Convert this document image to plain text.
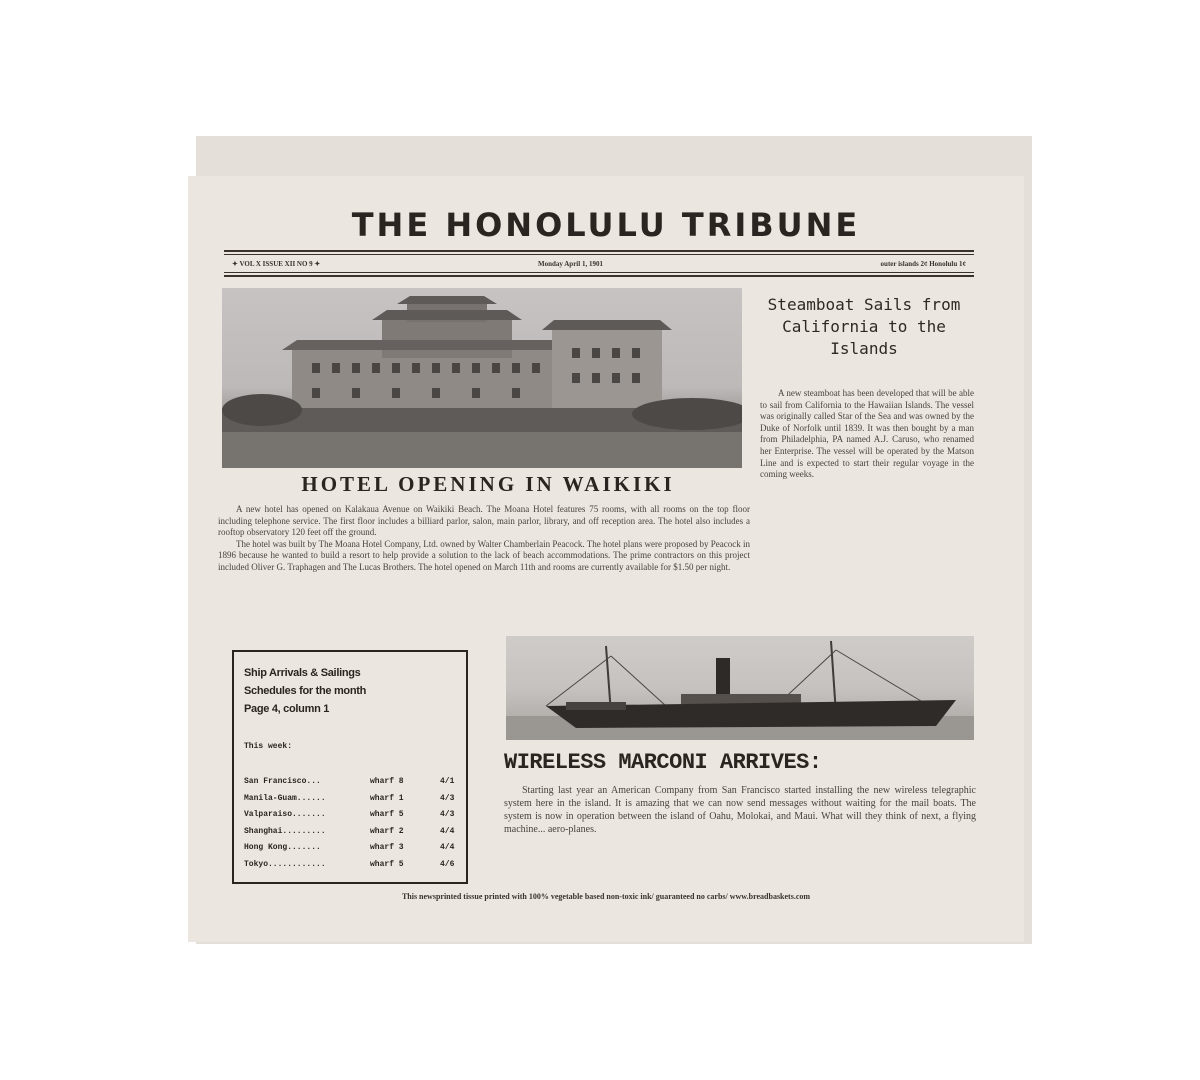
THE HONOLULU TRIBUNE
✦ VOL X ISSUE XII NO 9 ✦	Monday April 1, 1901	outer islands 2¢ Honolulu 1¢
HOTEL OPENING IN WAIKIKI

A new hotel has opened on Kalakaua Avenue on Waikiki Beach. The Moana Hotel features 75 rooms, with all rooms on the top floor including telephone service. The first floor includes a billiard parlor, salon, main parlor, library, and off reception area. The hotel also includes a rooftop observatory 120 feet off the ground.

The hotel was built by The Moana Hotel Company, Ltd. owned by Walter Chamberlain Peacock. The hotel plans were proposed by Peacock in 1896 because he wanted to build a resort to help provide a solution to the lack of beach accommodations. The prime contractors on this project included Oliver G. Traphagen and The Lucas Brothers. The hotel opened on March 11th and rooms are currently available for $1.50 per night.

Steamboat Sails from California to the Islands

A new steamboat has been developed that will be able to sail from California to the Hawaiian Islands. The vessel was originally called Star of the Sea and was owned by the Duke of Norfolk until 1839. It was then bought by a man from Philadelphia, PA named A.J. Caruso, who renamed her Enterprise. The vessel will be operated by the Matson Line and is expected to start their regular voyage in the coming weeks.

Ship Arrivals & Sailings
Schedules for the month
Page 4, column 1
This week:
San Francisco...	wharf 8	4/1
Manila-Guam......	wharf 1	4/3
Valparaiso.......	wharf 5	4/3
Shanghai.........	wharf 2	4/4
Hong Kong.......	wharf 3	4/4
Tokyo............	wharf 5	4/6
WIRELESS MARCONI ARRIVES:

Starting last year an American Company from San Francisco started installing the new wireless telegraphic system here in the island. It is amazing that we can now send messages without waiting for the mail boats. The system is now in operation between the island of Oahu, Molokai, and Maui. What will they think of next, a flying machine... aero-planes.

This newsprinted tissue printed with 100% vegetable based non-toxic ink/ guaranteed no carbs/ www.breadbaskets.com
